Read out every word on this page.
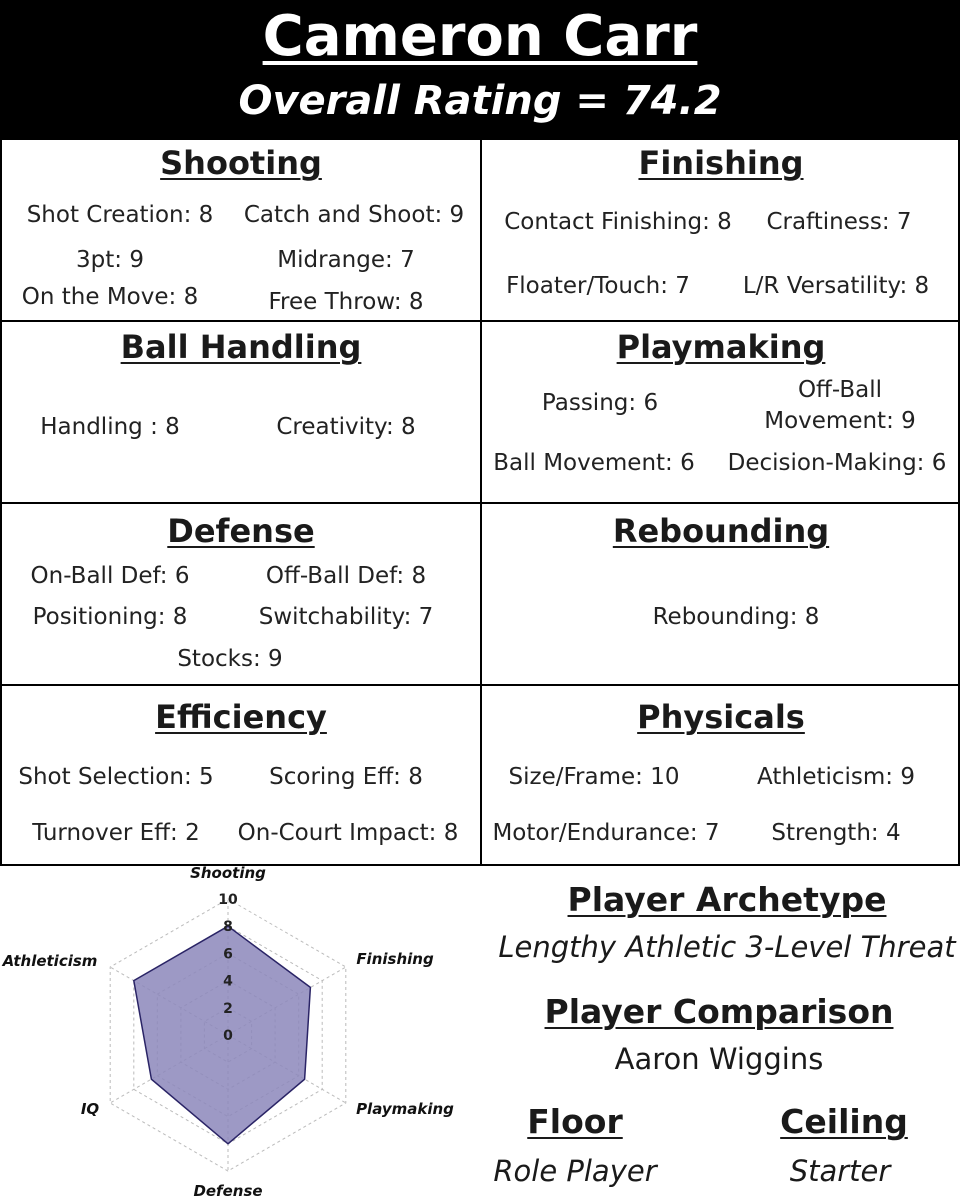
Cameron Carr
Overall Rating = 74.2
Shooting
Shot Creation: 8 Catch and Shoot: 9
3pt: 9	Midrange: 7
On the Move: 8	Free Throw: 8
Finishing
Contact Finishing: 8 Craftiness: 7
Floater/Touch: 7 L/R Versatility: 8
Ball Handling
Handling : 8	Creativity: 8
Playmaking
Passing: 6	Off-Ball
Movement: 9
Ball Movement: 6 Decision-Making: 6
Defense
On-Ball Def: 6	Off-Ball Def: 8
Positioning: 8	Switchability: 7
Stocks: 9
Rebounding
Rebounding: 8
Efficiency
Shot Selection: 5 Scoring Eff: 8
Turnover Eff: 2 On-Court Impact: 8
Physicals
Size/Frame: 10	Athleticism: 9
Motor/Endurance: 7 Strength: 4
0
2
4
6
8
10
Shooting
Finishing
Playmaking
Defense
IQ
Athleticism
Player Archetype
Lengthy Athletic 3-Level Threat
Player Comparison
Aaron Wiggins
Floor
Role Player
Ceiling
Starter
